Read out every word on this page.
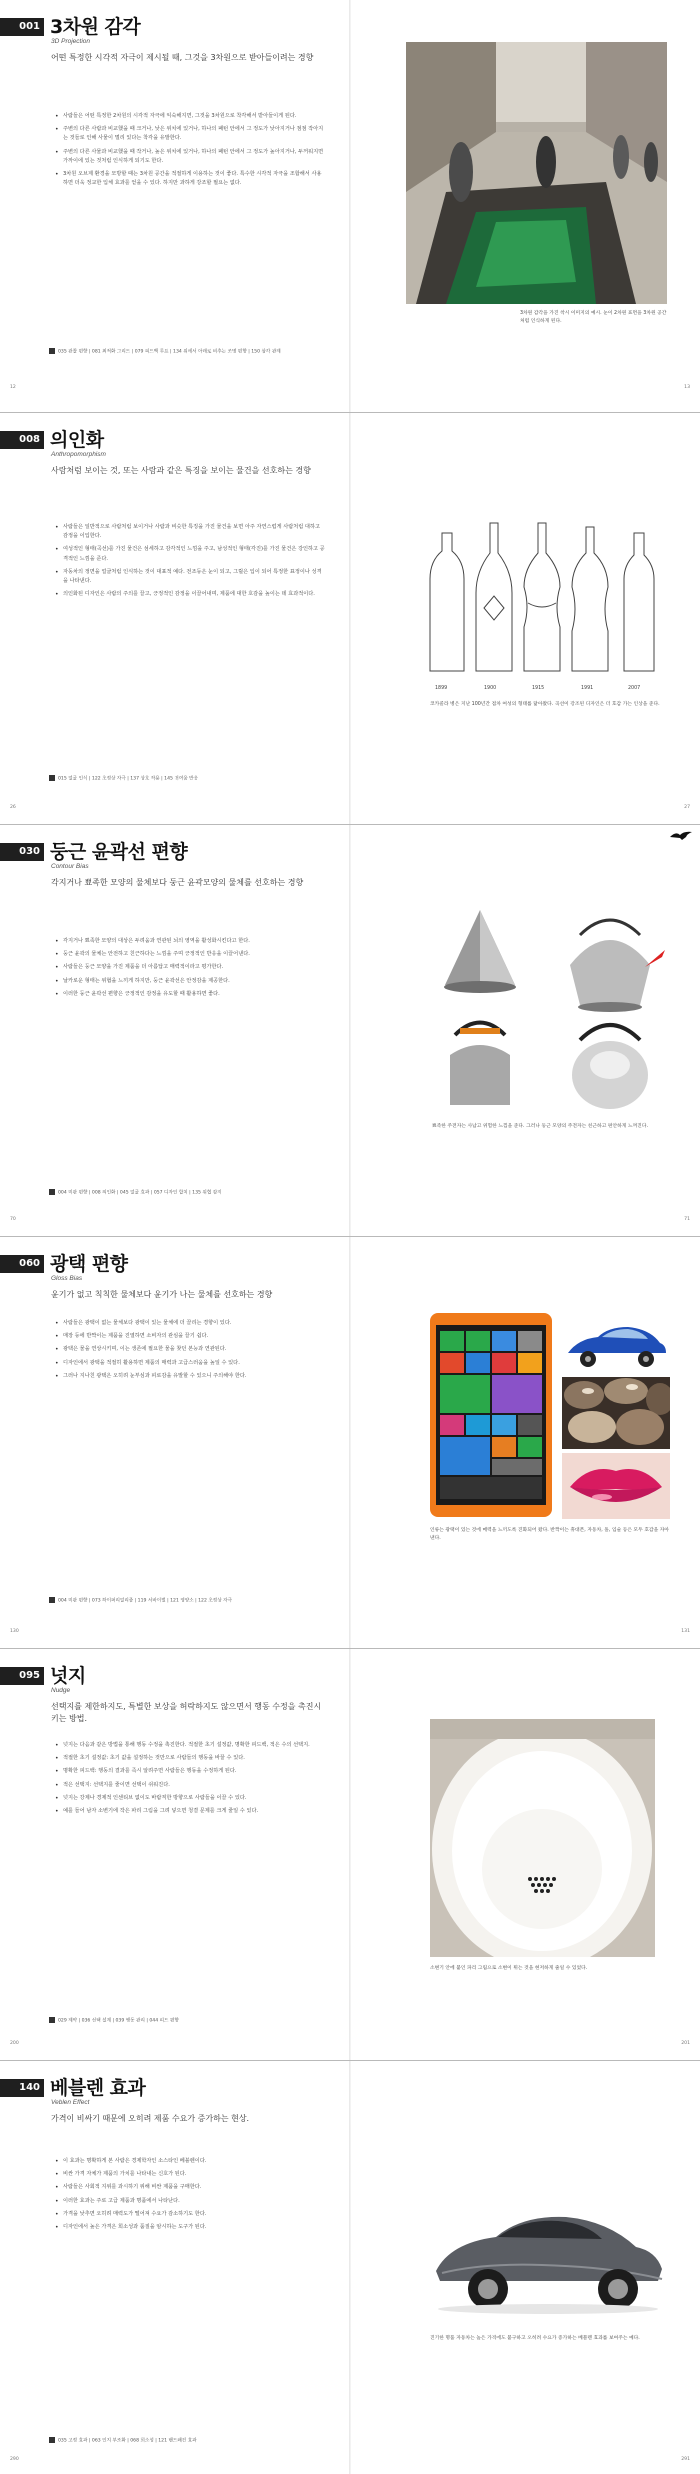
001 3차원 감각
3D Projection
어떤 특정한 시각적 자극이 제시될 때, 그것을 3차원으로 받아들이려는 경향
• 사람들은 어떤 특정한 2차원의 시각적 자극에 익숙해지면, 그것을 3차원으로 착각해서 받아들이게 된다.
• 주변의 다른 사람과 비교했을 때 크거나, 낮은 위치에 있거나, 하나의 패턴 안에서 그 정도가 낮아지거나 점점 작아지는 것들로 인해 사물이 멀리 있다는 착각을 유발한다.
• 주변의 다른 사물과 비교했을 때 작거나, 높은 위치에 있거나, 하나의 패턴 안에서 그 정도가 높아지거나, 두꺼워지면 가까이에 있는 것처럼 인식하게 되기도 한다.
• 3차원 오브제 환경을 모방할 때는 3차원 공간을 적절하게 이용하는 것이 좋다. 특수한 시각적 자극을 조합해서 사용하면 더욱 정교한 입체 효과를 얻을 수 있다. 하지만 과하게 강조할 필요는 없다.
035 관찰 편향 | 081 최적화 그리드 | 079 피드백 루프 | 134 위에서 아래로 비추는 조명 편향 | 150 삼각 관계
3차원 감각을 가진 착시 이미지의 예시. 눈이 2차원 표면을 3차원 공간처럼 인식하게 된다.
12	13
008 의인화
Anthropomorphism
사람처럼 보이는 것, 또는 사람과 같은 특징을 보이는 물건을 선호하는 경향
• 사람들은 일반적으로 사람처럼 보이거나 사람과 비슷한 특징을 가진 물건을 보면 아주 자연스럽게 사람처럼 대하고 감정을 이입한다.
• 여성적인 형태(곡선)를 가진 물건은 섬세하고 감각적인 느낌을 주고, 남성적인 형태(각진)를 가진 물건은 강인하고 공격적인 느낌을 준다.
• 자동차의 정면을 얼굴처럼 인식하는 것이 대표적 예다. 전조등은 눈이 되고, 그릴은 입이 되어 특정한 표정이나 성격을 나타낸다.
• 의인화된 디자인은 사람의 주의를 끌고, 긍정적인 감정을 이끌어내며, 제품에 대한 호감을 높이는 데 효과적이다.
015 얼굴 인식 | 122 초정상 자극 | 137 상호 작용 | 145 귀여움 반응
1899	1900	1915	1991	2007
코카콜라 병은 지난 100년간 점차 여성의 형태를 닮아왔다. 곡선이 강조된 디자인은 더 호감 가는 인상을 준다.
26	27
030 둥근 윤곽선 편향
Contour Bias
각지거나 뾰족한 모양의 물체보다 둥근 윤곽모양의 물체를 선호하는 경향
• 각지거나 뾰족한 모양의 대상은 두려움과 연관된 뇌의 영역을 활성화시킨다고 한다.
• 둥근 윤곽의 물체는 안전하고 친근하다는 느낌을 주며 긍정적인 반응을 이끌어낸다.
• 사람들은 둥근 모양을 가진 제품을 더 아름답고 매력적이라고 평가한다.
• 날카로운 형태는 위협을 느끼게 하지만, 둥근 윤곽선은 안정감을 제공한다.
• 이러한 둥근 윤곽선 편향은 긍정적인 감정을 유도할 때 활용하면 좋다.
004 미관 편향 | 008 의인화 | 045 얼굴 효과 | 057 디자인 합치 | 135 위협 감지
뾰족한 주전자는 사납고 위험한 느낌을 준다. 그러나 둥근 모양의 주전자는 친근하고 편안하게 느껴진다.
70	71
060 광택 편향
Gloss Bias
윤기가 없고 칙칙한 물체보다 윤기가 나는 물체를 선호하는 경향
• 사람들은 광택이 없는 물체보다 광택이 있는 물체에 더 끌리는 경향이 있다.
• 매장 등에 반짝이는 제품을 진열하면 소비자의 관심을 끌기 쉽다.
• 광택은 물을 연상시키며, 이는 생존에 필요한 물을 찾던 본능과 연관된다.
• 디자인에서 광택을 적절히 활용하면 제품의 매력과 고급스러움을 높일 수 있다.
• 그러나 지나친 광택은 오히려 눈부심과 피로감을 유발할 수 있으니 주의해야 한다.
004 미관 편향 | 073 하이퍼리얼리즘 | 119 서바이벌 | 121 영양소 | 122 초정상 자극
인류는 광택이 있는 것에 매력을 느끼도록 진화되어 왔다. 반짝이는 휴대폰, 자동차, 돌, 입술 등은 모두 호감을 자아낸다.
130	131
095 넛지
Nudge
선택지를 제한하지도, 특별한 보상을 허락하지도 않으면서 행동 수정을 촉진시키는 방법.
• 넛지는 다음과 같은 방법을 통해 행동 수정을 촉진한다. 적절한 초기 설정값, 명확한 피드백, 적은 수의 선택지.
• 적절한 초기 설정값: 초기 값을 설정하는 것만으로 사람들의 행동을 바꿀 수 있다.
• 명확한 피드백: 행동의 결과를 즉시 알려주면 사람들은 행동을 수정하게 된다.
• 적은 선택지: 선택지를 줄이면 선택이 쉬워진다.
• 넛지는 강제나 경제적 인센티브 없이도 바람직한 방향으로 사람들을 이끌 수 있다.
• 예를 들어 남자 소변기에 작은 파리 그림을 그려 넣으면 청결 문제를 크게 줄일 수 있다.
029 제약 | 036 선택 설계 | 039 행동 관리 | 044 피드 편향
소변기 안에 붙인 파리 그림으로 소변이 튀는 것을 현저하게 줄일 수 있었다.
200	201
140 베블렌 효과
Veblen Effect
가격이 비싸기 때문에 오히려 제품 수요가 증가하는 현상.
• 이 효과는 명확하게 본 사람은 경제학자인 소스타인 베블렌이다.
• 비싼 가격 자체가 제품의 가치를 나타내는 신호가 된다.
• 사람들은 사회적 지위를 과시하기 위해 비싼 제품을 구매한다.
• 이러한 효과는 주로 고급 제품과 명품에서 나타난다.
• 가격을 낮추면 오히려 매력도가 떨어져 수요가 감소하기도 한다.
• 디자인에서 높은 가격은 희소성과 품질을 암시하는 도구가 된다.
035 고정 효과 | 063 인지 부조화 | 068 희소성 | 121 밴드왜건 효과
진기한 명품 자동차는 높은 가격에도 불구하고 오히려 수요가 증가하는 베블렌 효과를 보여주는 예다.
290	291
